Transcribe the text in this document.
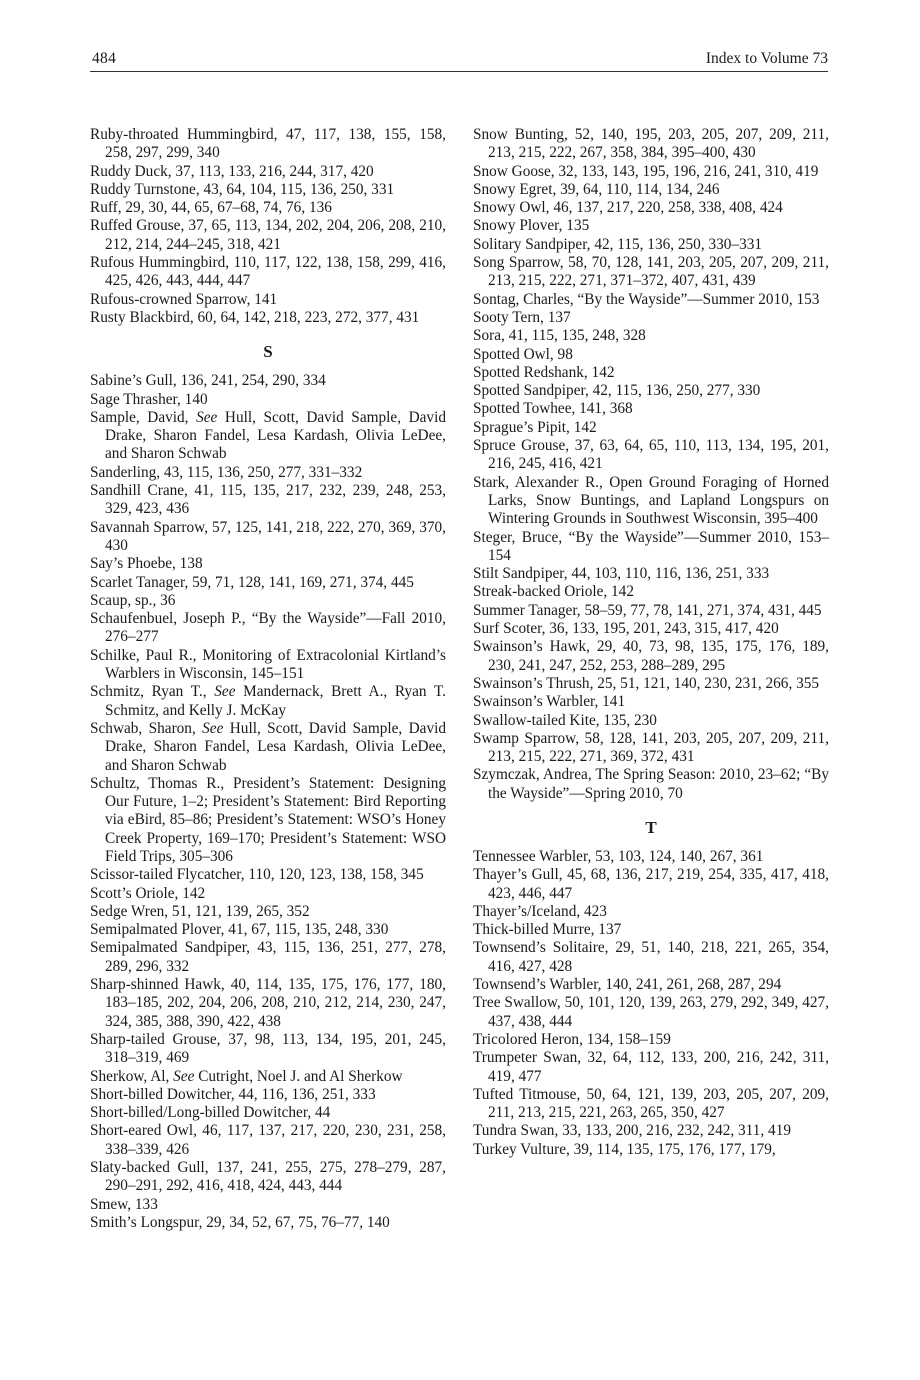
484	Index to Volume 73
Ruby-throated Hummingbird, 47, 117, 138, 155, 158, 258, 297, 299, 340
Ruddy Duck, 37, 113, 133, 216, 244, 317, 420
Ruddy Turnstone, 43, 64, 104, 115, 136, 250, 331
Ruff, 29, 30, 44, 65, 67–68, 74, 76, 136
Ruffed Grouse, 37, 65, 113, 134, 202, 204, 206, 208, 210, 212, 214, 244–245, 318, 421
Rufous Hummingbird, 110, 117, 122, 138, 158, 299, 416, 425, 426, 443, 444, 447
Rufous-crowned Sparrow, 141
Rusty Blackbird, 60, 64, 142, 218, 223, 272, 377, 431
S
Sabine’s Gull, 136, 241, 254, 290, 334
Sage Thrasher, 140
Sample, David, See Hull, Scott, David Sample, David Drake, Sharon Fandel, Lesa Kardash, Olivia LeDee, and Sharon Schwab
Sanderling, 43, 115, 136, 250, 277, 331–332
Sandhill Crane, 41, 115, 135, 217, 232, 239, 248, 253, 329, 423, 436
Savannah Sparrow, 57, 125, 141, 218, 222, 270, 369, 370, 430
Say’s Phoebe, 138
Scarlet Tanager, 59, 71, 128, 141, 169, 271, 374, 445
Scaup, sp., 36
Schaufenbuel, Joseph P., “By the Wayside”—Fall 2010, 276–277
Schilke, Paul R., Monitoring of Extracolonial Kirtland’s Warblers in Wisconsin, 145–151
Schmitz, Ryan T., See Mandernack, Brett A., Ryan T. Schmitz, and Kelly J. McKay
Schwab, Sharon, See Hull, Scott, David Sample, David Drake, Sharon Fandel, Lesa Kardash, Olivia LeDee, and Sharon Schwab
Schultz, Thomas R., President’s Statement: Designing Our Future, 1–2; President’s Statement: Bird Reporting via eBird, 85–86; President’s Statement: WSO’s Honey Creek Property, 169–170; President’s Statement: WSO Field Trips, 305–306
Scissor-tailed Flycatcher, 110, 120, 123, 138, 158, 345
Scott’s Oriole, 142
Sedge Wren, 51, 121, 139, 265, 352
Semipalmated Plover, 41, 67, 115, 135, 248, 330
Semipalmated Sandpiper, 43, 115, 136, 251, 277, 278, 289, 296, 332
Sharp-shinned Hawk, 40, 114, 135, 175, 176, 177, 180, 183–185, 202, 204, 206, 208, 210, 212, 214, 230, 247, 324, 385, 388, 390, 422, 438
Sharp-tailed Grouse, 37, 98, 113, 134, 195, 201, 245, 318–319, 469
Sherkow, Al, See Cutright, Noel J. and Al Sherkow
Short-billed Dowitcher, 44, 116, 136, 251, 333
Short-billed/Long-billed Dowitcher, 44
Short-eared Owl, 46, 117, 137, 217, 220, 230, 231, 258, 338–339, 426
Slaty-backed Gull, 137, 241, 255, 275, 278–279, 287, 290–291, 292, 416, 418, 424, 443, 444
Smew, 133
Smith’s Longspur, 29, 34, 52, 67, 75, 76–77, 140
Snow Bunting, 52, 140, 195, 203, 205, 207, 209, 211, 213, 215, 222, 267, 358, 384, 395–400, 430
Snow Goose, 32, 133, 143, 195, 196, 216, 241, 310, 419
Snowy Egret, 39, 64, 110, 114, 134, 246
Snowy Owl, 46, 137, 217, 220, 258, 338, 408, 424
Snowy Plover, 135
Solitary Sandpiper, 42, 115, 136, 250, 330–331
Song Sparrow, 58, 70, 128, 141, 203, 205, 207, 209, 211, 213, 215, 222, 271, 371–372, 407, 431, 439
Sontag, Charles, “By the Wayside”—Summer 2010, 153
Sooty Tern, 137
Sora, 41, 115, 135, 248, 328
Spotted Owl, 98
Spotted Redshank, 142
Spotted Sandpiper, 42, 115, 136, 250, 277, 330
Spotted Towhee, 141, 368
Sprague’s Pipit, 142
Spruce Grouse, 37, 63, 64, 65, 110, 113, 134, 195, 201, 216, 245, 416, 421
Stark, Alexander R., Open Ground Foraging of Horned Larks, Snow Buntings, and Lapland Longspurs on Wintering Grounds in Southwest Wisconsin, 395–400
Steger, Bruce, “By the Wayside”—Summer 2010, 153–154
Stilt Sandpiper, 44, 103, 110, 116, 136, 251, 333
Streak-backed Oriole, 142
Summer Tanager, 58–59, 77, 78, 141, 271, 374, 431, 445
Surf Scoter, 36, 133, 195, 201, 243, 315, 417, 420
Swainson’s Hawk, 29, 40, 73, 98, 135, 175, 176, 189, 230, 241, 247, 252, 253, 288–289, 295
Swainson’s Thrush, 25, 51, 121, 140, 230, 231, 266, 355
Swainson’s Warbler, 141
Swallow-tailed Kite, 135, 230
Swamp Sparrow, 58, 128, 141, 203, 205, 207, 209, 211, 213, 215, 222, 271, 369, 372, 431
Szymczak, Andrea, The Spring Season: 2010, 23–62; “By the Wayside”—Spring 2010, 70
T
Tennessee Warbler, 53, 103, 124, 140, 267, 361
Thayer’s Gull, 45, 68, 136, 217, 219, 254, 335, 417, 418, 423, 446, 447
Thayer’s/Iceland, 423
Thick-billed Murre, 137
Townsend’s Solitaire, 29, 51, 140, 218, 221, 265, 354, 416, 427, 428
Townsend’s Warbler, 140, 241, 261, 268, 287, 294
Tree Swallow, 50, 101, 120, 139, 263, 279, 292, 349, 427, 437, 438, 444
Tricolored Heron, 134, 158–159
Trumpeter Swan, 32, 64, 112, 133, 200, 216, 242, 311, 419, 477
Tufted Titmouse, 50, 64, 121, 139, 203, 205, 207, 209, 211, 213, 215, 221, 263, 265, 350, 427
Tundra Swan, 33, 133, 200, 216, 232, 242, 311, 419
Turkey Vulture, 39, 114, 135, 175, 176, 177, 179,
